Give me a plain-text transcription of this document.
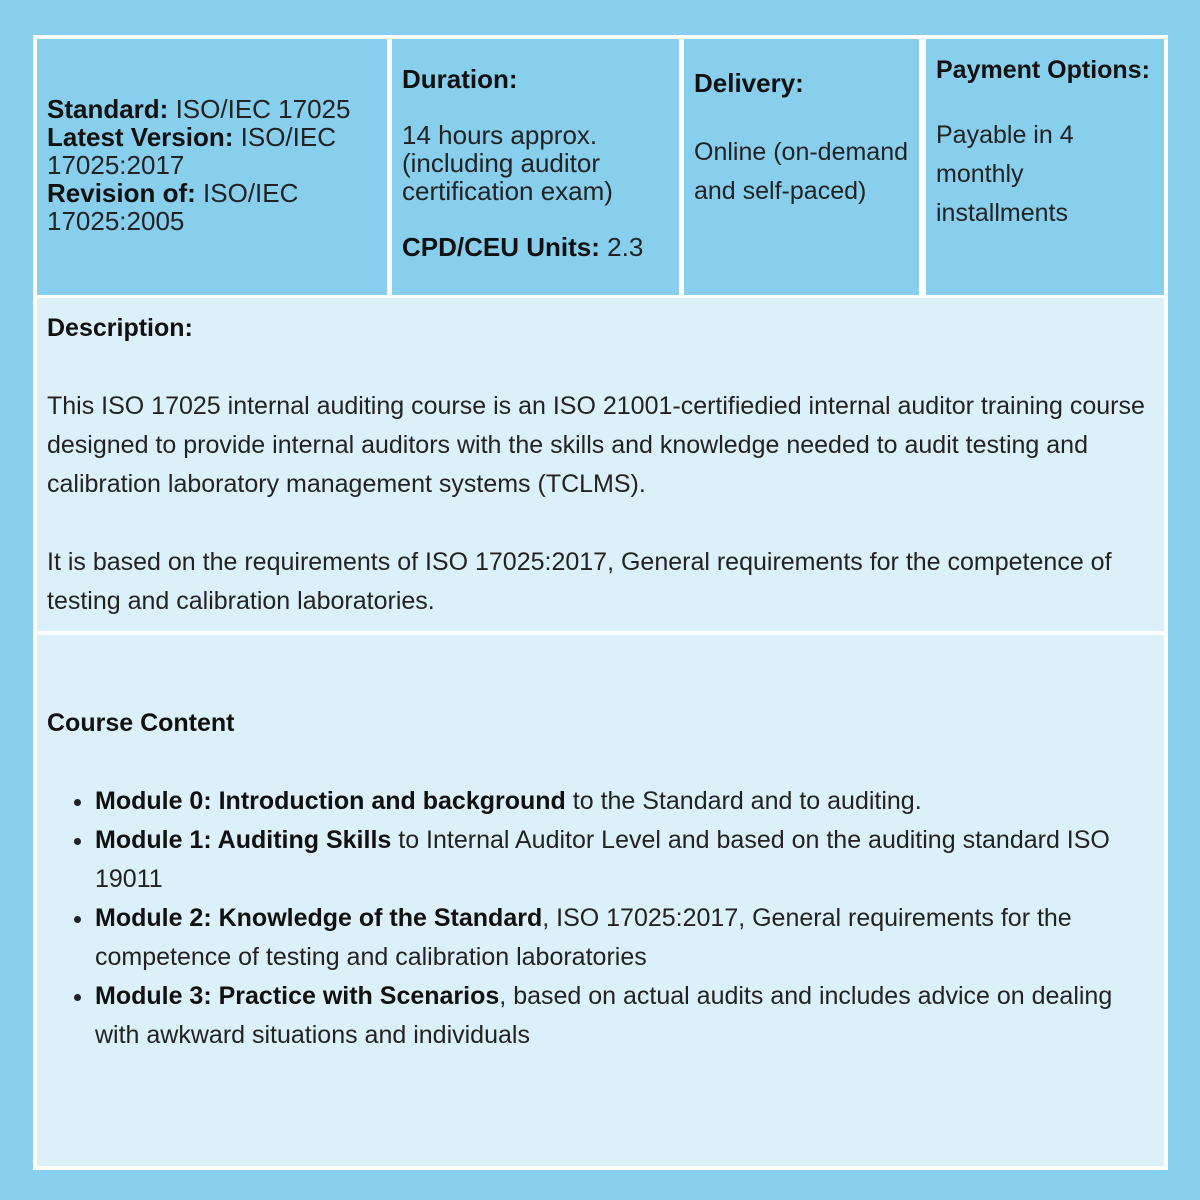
Standard: ISO/IEC 17025
Latest Version: ISO/IEC 17025:2017
Revision of: ISO/IEC 17025:2005

Duration:

14 hours approx. (including auditor certification exam)

CPD/CEU Units: 2.3

Delivery:

Online (on-demand and self-paced)

Payment Options:

Payable in 4 monthly installments

Description:

This ISO 17025 internal auditing course is an ISO 21001-certifiedied internal auditor training course designed to provide internal auditors with the skills and knowledge needed to audit testing and calibration laboratory management systems (TCLMS).

It is based on the requirements of ISO 17025:2017, General requirements for the competence of testing and calibration laboratories.

Course Content

• Module 0: Introduction and background to the Standard and to auditing.
• Module 1: Auditing Skills to Internal Auditor Level and based on the auditing standard ISO 19011
• Module 2: Knowledge of the Standard, ISO 17025:2017, General requirements for the competence of testing and calibration laboratories
• Module 3: Practice with Scenarios, based on actual audits and includes advice on dealing with awkward situations and individuals
